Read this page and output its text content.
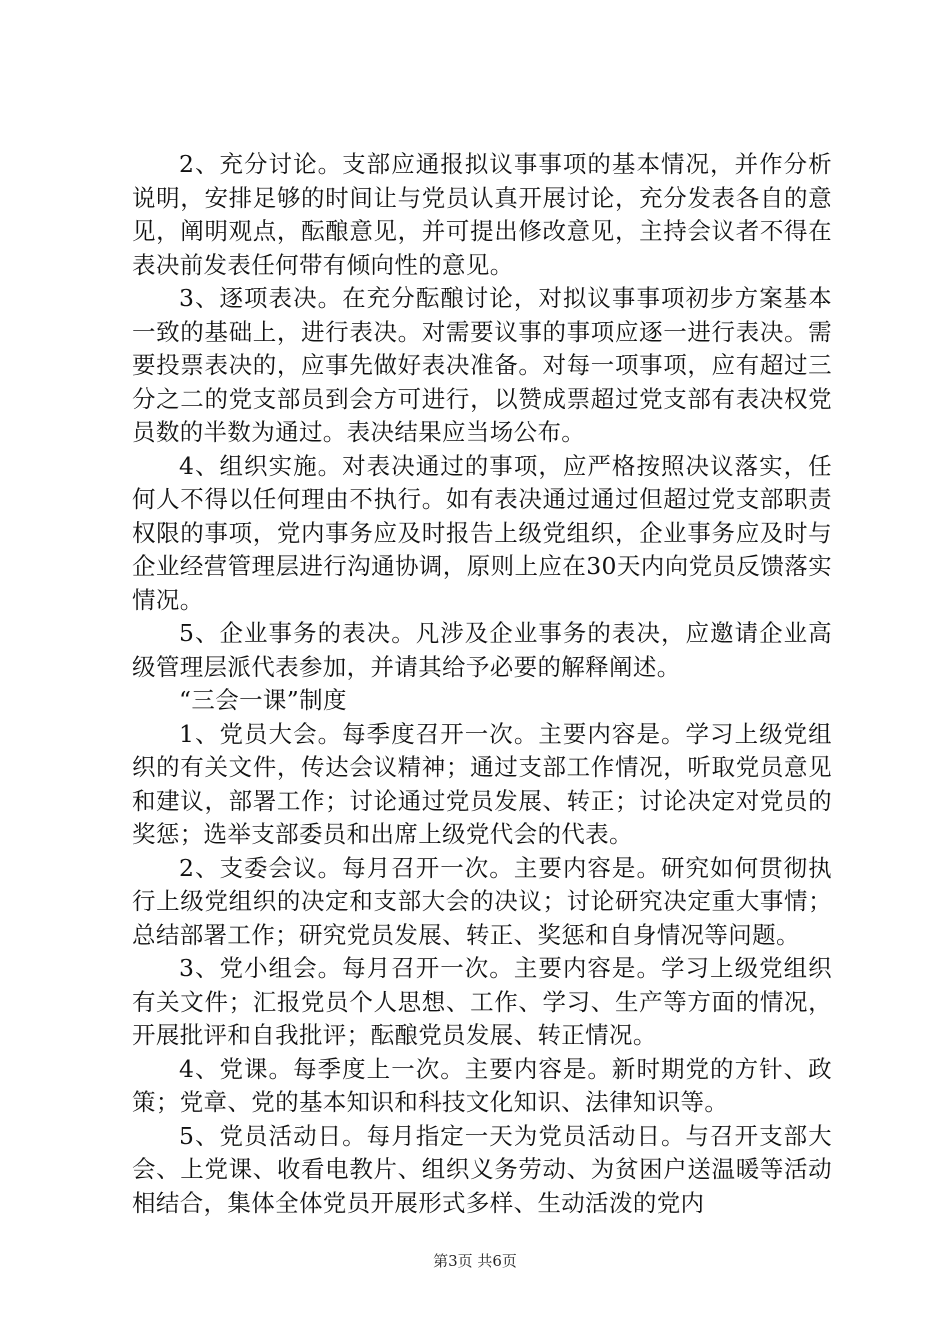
2、充分讨论。支部应通报拟议事事项的基本情况，并作分析说明，安排足够的时间让与党员认真开展讨论，充分发表各自的意见，阐明观点，酝酿意见，并可提出修改意见，主持会议者不得在表决前发表任何带有倾向性的意见。

3、逐项表决。在充分酝酿讨论，对拟议事事项初步方案基本一致的基础上，进行表决。对需要议事的事项应逐一进行表决。需要投票表决的，应事先做好表决准备。对每一项事项，应有超过三分之二的党支部员到会方可进行，以赞成票超过党支部有表决权党员数的半数为通过。表决结果应当场公布。

4、组织实施。对表决通过的事项，应严格按照决议落实，任何人不得以任何理由不执行。如有表决通过通过但超过党支部职责权限的事项，党内事务应及时报告上级党组织，企业事务应及时与企业经营管理层进行沟通协调，原则上应在30天内向党员反馈落实情况。

5、企业事务的表决。凡涉及企业事务的表决，应邀请企业高级管理层派代表参加，并请其给予必要的解释阐述。

“三会一课”制度

1、党员大会。每季度召开一次。主要内容是。学习上级党组织的有关文件，传达会议精神；通过支部工作情况，听取党员意见和建议，部署工作；讨论通过党员发展、转正；讨论决定对党员的奖惩；选举支部委员和出席上级党代会的代表。

2、支委会议。每月召开一次。主要内容是。研究如何贯彻执行上级党组织的决定和支部大会的决议；讨论研究决定重大事情；总结部署工作；研究党员发展、转正、奖惩和自身情况等问题。

3、党小组会。每月召开一次。主要内容是。学习上级党组织有关文件；汇报党员个人思想、工作、学习、生产等方面的情况，开展批评和自我批评；酝酿党员发展、转正情况。

4、党课。每季度上一次。主要内容是。新时期党的方针、政策；党章、党的基本知识和科技文化知识、法律知识等。

5、党员活动日。每月指定一天为党员活动日。与召开支部大会、上党课、收看电教片、组织义务劳动、为贫困户送温暖等活动相结合，集体全体党员开展形式多样、生动活泼的党内

第3页 共6页
